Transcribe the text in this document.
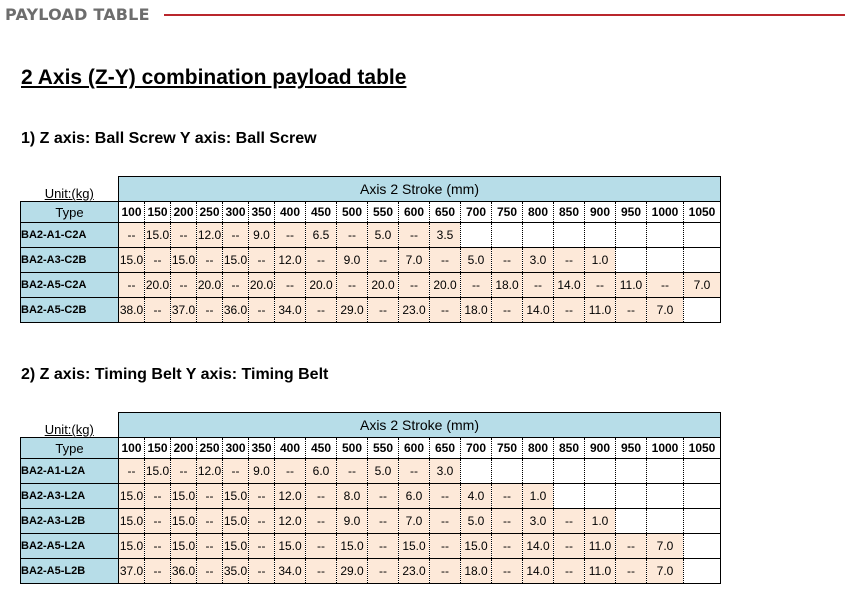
PAYLOAD TABLE
2 Axis (Z-Y) combination payload table
1) Z axis: Ball Screw Y axis: Ball Screw
Unit:(kg)	Axis 2 Stroke (mm)																			
Type	100	150	200	250	300	350	400	450	500	550	600	650	700	750	800	850	900	950	1000	1050
BA2-A1-C2A	--	15.0	--	12.0	--	9.0	--	6.5	--	5.0	--	3.5								
BA2-A3-C2B	15.0	--	15.0	--	15.0	--	12.0	--	9.0	--	7.0	--	5.0	--	3.0	--	1.0			
BA2-A5-C2A	--	20.0	--	20.0	--	20.0	--	20.0	--	20.0	--	20.0	--	18.0	--	14.0	--	11.0	--	7.0
BA2-A5-C2B	38.0	--	37.0	--	36.0	--	34.0	--	29.0	--	23.0	--	18.0	--	14.0	--	11.0	--	7.0	
2) Z axis: Timing Belt Y axis: Timing Belt
Unit:(kg)	Axis 2 Stroke (mm)																			
Type	100	150	200	250	300	350	400	450	500	550	600	650	700	750	800	850	900	950	1000	1050
BA2-A1-L2A	--	15.0	--	12.0	--	9.0	--	6.0	--	5.0	--	3.0								
BA2-A3-L2A	15.0	--	15.0	--	15.0	--	12.0	--	8.0	--	6.0	--	4.0	--	1.0					
BA2-A3-L2B	15.0	--	15.0	--	15.0	--	12.0	--	9.0	--	7.0	--	5.0	--	3.0	--	1.0			
BA2-A5-L2A	15.0	--	15.0	--	15.0	--	15.0	--	15.0	--	15.0	--	15.0	--	14.0	--	11.0	--	7.0	
BA2-A5-L2B	37.0	--	36.0	--	35.0	--	34.0	--	29.0	--	23.0	--	18.0	--	14.0	--	11.0	--	7.0	
